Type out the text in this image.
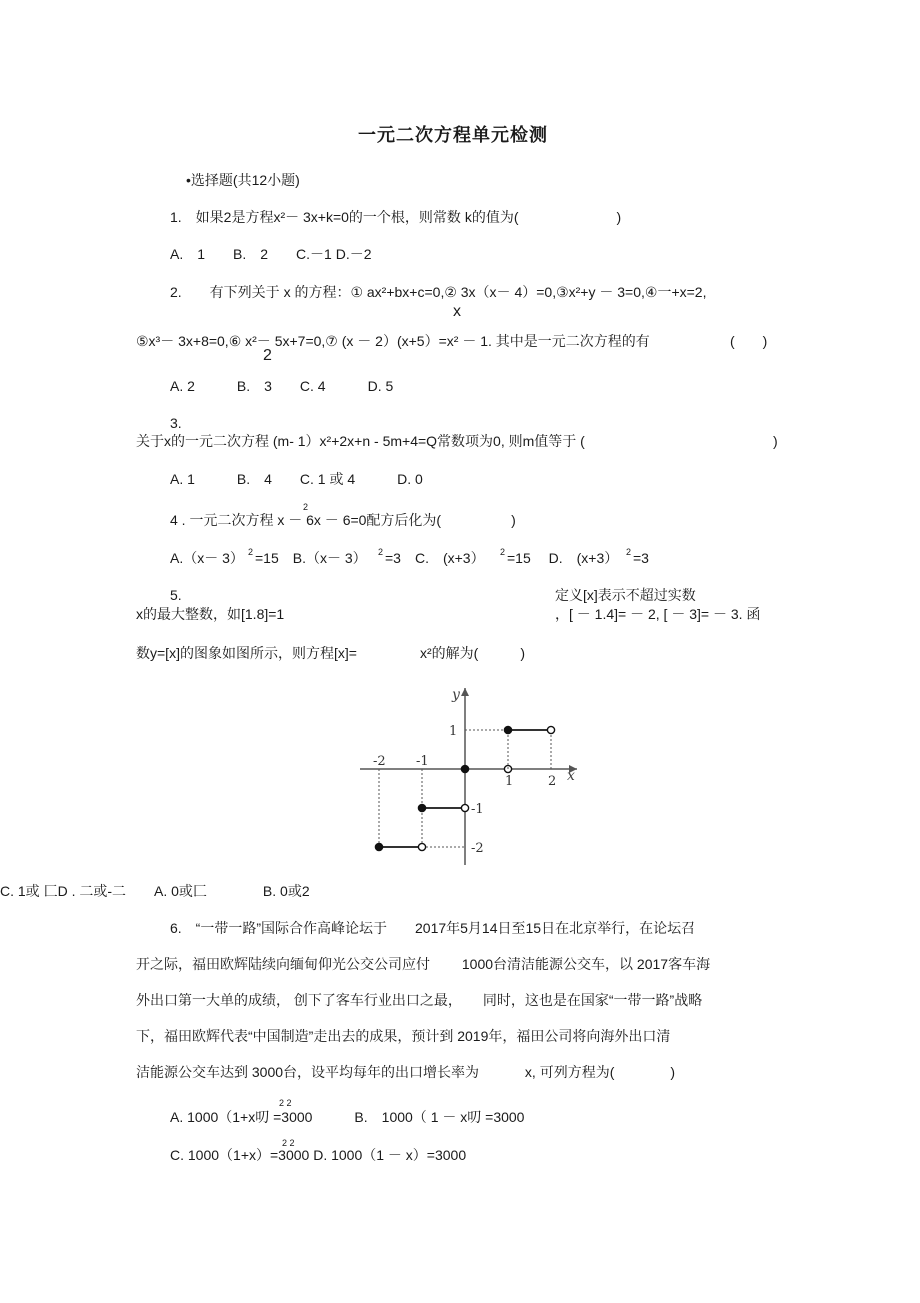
一元二次方程单元检测
•选择题(共12小题)
1.　如果2是方程x²－ 3x+k=0的一个根，则常数 k的值为(　　　　　　　)
A.　1　　B.　2　　C.－1 D.－2
2.　　有下列关于 x 的方程：① ax²+bx+c=0,② 3x（x－ 4）=0,③x²+y － 3=0,④一+x=2,
x
⑤x³－ 3x+8=0,⑥ x²－ 5x+7=0,⑦ (x － 2）(x+5）=x² － 1. 其中是一元二次方程的有	(　　)
2
A. 2　　　B.　3　　C. 4　　　D. 5
3.
关于x的一元二次方程 (m- 1）x²+2x+n - 5m+4=Q常数项为0, 则m值等于 (	)
A. 1　　　B.　4　　C. 1 或 4　　　D. 0
2
4 . 一元二次方程 x － 6x － 6=0配方后化为(　　　　　)
A.（x－ 3） 2 =15　B.（x－ 3） 2 =3　C.　(x+3） 2 =15　 D.　(x+3） 2 =3
5.	定义[x]表示不超过实数
x的最大整数，如[1.8]=1	，[ － 1.4]= － 2, [ － 3]= － 3. 函
数y=[x]的图象如图所示，则方程[x]=	x²的解为(　　　)
x
y
-2 -1
1	2
1
-1
-2
C. 1或 匚D . 二或-二　　A. 0或匚　　　　B. 0或2
6.　“一带一路”国际合作高峰论坛于　　2017年5月14日至15日在北京举行，在论坛召
开之际，福田欧辉陆续向缅甸仰光公交公司应付　　 1000台清洁能源公交车，以 2017客车海
外出口第一大单的成绩， 创下了客车行业出口之最，　　同时，这也是在国家“一带一路”战略
下，福田欧辉代表“中国制造”走出去的成果，预计到 2019年，福田公司将向海外出口清
洁能源公交车达到 3000台，设平均每年的出口增长率为　　　 x, 可列方程为(　　　　)
2 2
A. 1000（1+x叨 =3000　　　B.　1000（ 1 － x叨 =3000
2 2
C. 1000（1+x）=3000 D. 1000（1 － x）=3000
